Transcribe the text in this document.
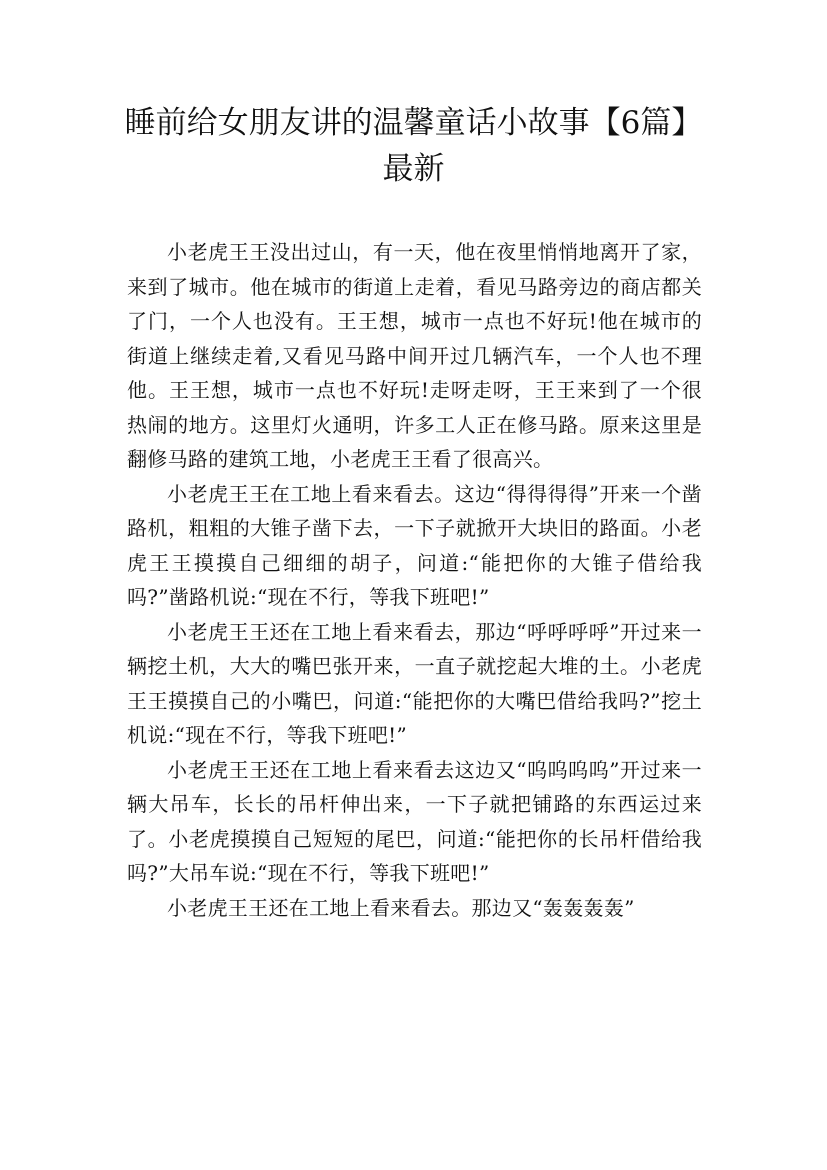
睡前给女朋友讲的温馨童话小故事【6篇】
最新

小老虎王王没出过山，有一天，他在夜里悄悄地离开了家，来到了城市。他在城市的街道上走着，看见马路旁边的商店都关了门，一个人也没有。王王想，城市一点也不好玩!他在城市的街道上继续走着,又看见马路中间开过几辆汽车，一个人也不理他。王王想，城市一点也不好玩!走呀走呀，王王来到了一个很热闹的地方。这里灯火通明，许多工人正在修马路。原来这里是翻修马路的建筑工地，小老虎王王看了很高兴。

小老虎王王在工地上看来看去。这边“得得得得”开来一个凿路机，粗粗的大锥子凿下去，一下子就掀开大块旧的路面。小老虎王王摸摸自己细细的胡子，问道:“能把你的大锥子借给我吗?”凿路机说:“现在不行，等我下班吧!”

小老虎王王还在工地上看来看去，那边“呼呼呼呼”开过来一辆挖土机，大大的嘴巴张开来，一直子就挖起大堆的土。小老虎王王摸摸自己的小嘴巴，问道:“能把你的大嘴巴借给我吗?”挖土机说:“现在不行，等我下班吧!”

小老虎王王还在工地上看来看去这边又“呜呜呜呜”开过来一辆大吊车，长长的吊杆伸出来，一下子就把铺路的东西运过来了。小老虎摸摸自己短短的尾巴，问道:“能把你的长吊杆借给我吗?”大吊车说:“现在不行，等我下班吧!”

小老虎王王还在工地上看来看去。那边又“轰轰轰轰”
